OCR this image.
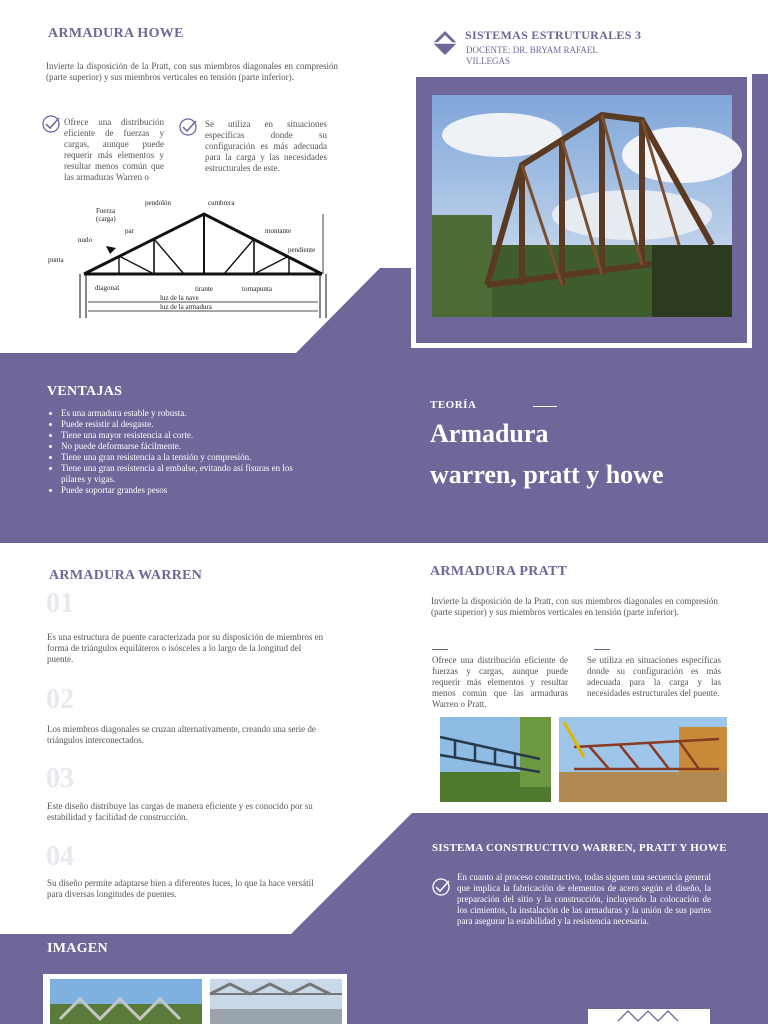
ARMADURA HOWE
Invierte la disposición de la Pratt, con sus miembros diagonales en compresión (parte superior) y sus miembros verticales en tensión (parte inferior).
Ofrece una distribución eficiente de fuerzas y cargas, aunque puede requerir más elementos y resultar menos común que las armaduras Warren o
Se utiliza en situaciones específicas donde su configuración es más adecuada para la carga y las necesidades estructurales de este.
Fuerza (carga)
pendolón	cumbrera
par
nudo
montante
pendiente
punta
diagonal	tirante	tornapunta
luz de la nave
luz de la armadura
SISTEMAS ESTRUTURALES 3
DOCENTE: DR. BRYAM RAFAEL VILLEGAS
VENTAJAS
• Es una armadura estable y robusta.
• Puede resistir al desgaste.
• Tiene una mayor resistencia al corte.
• No puede deformarse fácilmente.
• Tiene una gran resistencia a la tensión y compresión.
• Tiene una gran resistencia al embalse, evitando así fisuras en los pilares y vigas.
• Puede soportar grandes pesos
TEORÍA
Armadura
warren, pratt y howe
ARMADURA WARREN
01
Es una estructura de puente caracterizada por su disposición de miembros en forma de triángulos equiláteros o isósceles a lo largo de la longitud del puente.
02
Los miembros diagonales se cruzan alternativamente, creando una serie de triángulos interconectados.
03
Este diseño distribuye las cargas de manera eficiente y es conocido por su estabilidad y facilidad de construcción.
04
Su diseño permite adaptarse bien a diferentes luces, lo que la hace versátil para diversas longitudes de puentes.
IMAGEN
ARMADURA PRATT
Invierte la disposición de la Pratt, con sus miembros diagonales en compresión (parte superior) y sus miembros verticales en tensión (parte inferior).
Ofrece una distribución eficiente de fuerzas y cargas, aunque puede requerir más elementos y resultar menos común que las armaduras Warren o Pratt.
Se utiliza en situaciones específicas donde su configuración es más adecuada para la carga y las necesidades estructurales del puente.
SISTEMA CONSTRUCTIVO WARREN, PRATT Y HOWE
En cuanto al proceso constructivo, todas siguen una secuencia general que implica la fabricación de elementos de acero según el diseño, la preparación del sitio y la construcción, incluyendo la colocación de los cimientos, la instalación de las armaduras y la unión de sus partes para asegurar la estabilidad y la resistencia necesaria.
